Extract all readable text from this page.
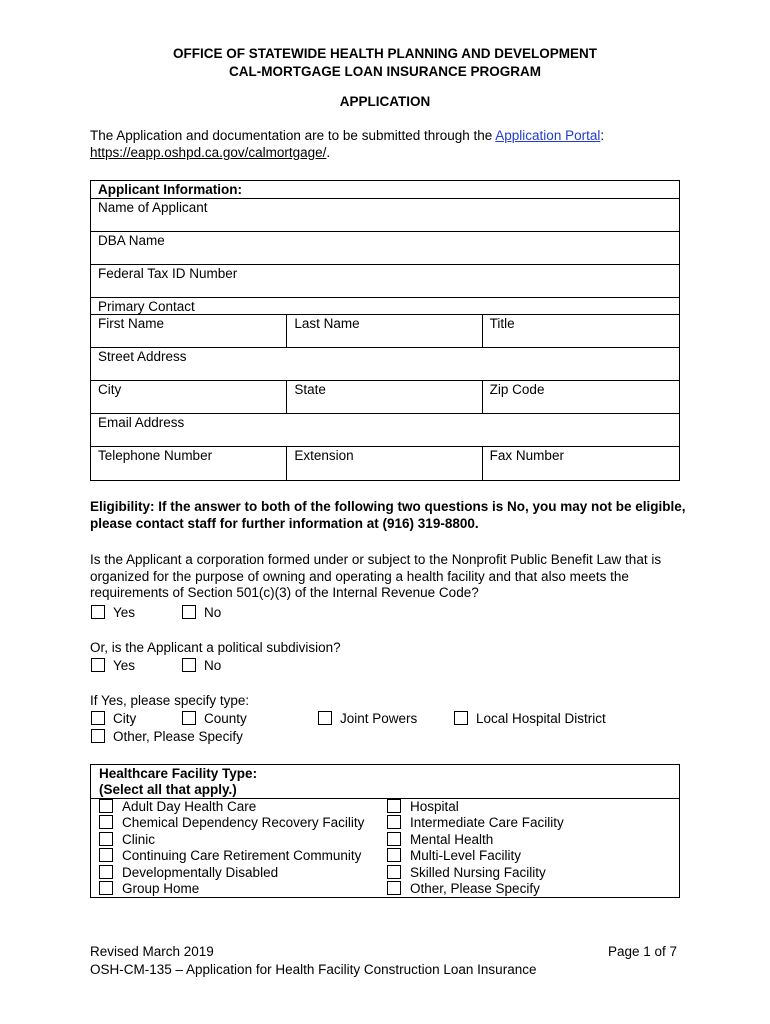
OFFICE OF STATEWIDE HEALTH PLANNING AND DEVELOPMENT
CAL-MORTGAGE LOAN INSURANCE PROGRAM
APPLICATION
The Application and documentation are to be submitted through the Application Portal:
https://eapp.oshpd.ca.gov/calmortgage/.
Applicant Information:
Name of Applicant
DBA Name
Federal Tax ID Number
Primary Contact
First Name	Last Name	Title
Street Address
City	State	Zip Code
Email Address
Telephone Number	Extension	Fax Number
Eligibility: If the answer to both of the following two questions is No, you may not be eligible, please contact staff for further information at (916) 319-8800.
Is the Applicant a corporation formed under or subject to the Nonprofit Public Benefit Law that is organized for the purpose of owning and operating a health facility and that also meets the requirements of Section 501(c)(3) of the Internal Revenue Code?
Yes	No
Or, is the Applicant a political subdivision?
Yes	No
If Yes, please specify type:
City	County	Joint Powers	Local Hospital District
Other, Please Specify
Healthcare Facility Type:
(Select all that apply.)
Adult Day Health Care
Chemical Dependency Recovery Facility
Clinic
Continuing Care Retirement Community
Developmentally Disabled
Group Home
Hospital
Intermediate Care Facility
Mental Health
Multi-Level Facility
Skilled Nursing Facility
Other, Please Specify
Revised March 2019
OSH-CM-135 – Application for Health Facility Construction Loan Insurance
Page 1 of 7
